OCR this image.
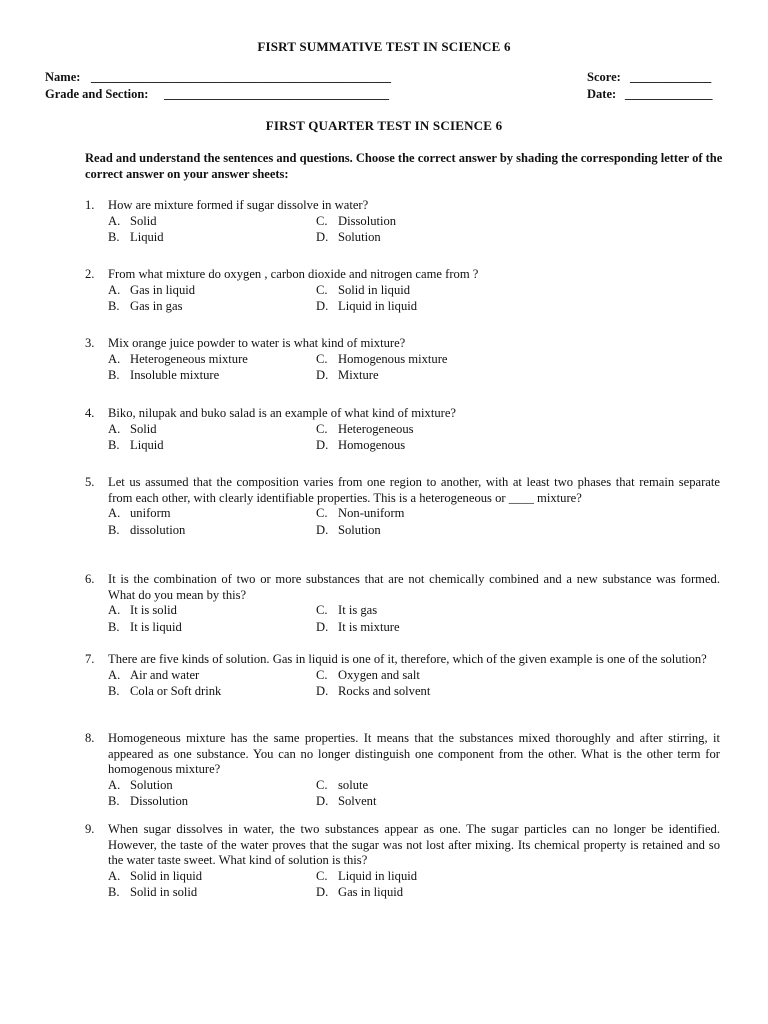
FISRT SUMMATIVE TEST IN SCIENCE 6
Name: ________________________________________________	Score: _____________
Grade and Section: ____________________________________	Date: ______________
FIRST QUARTER TEST IN SCIENCE 6
Read and understand the sentences and questions. Choose the correct answer by shading the corresponding letter of the correct answer on your answer sheets:
1.	How are mixture formed if sugar dissolve in water?
A. Solid	C. Dissolution
B. Liquid	D. Solution
2.	From what mixture do oxygen , carbon dioxide and nitrogen came from ?
A. Gas in liquid	C. Solid in liquid
B. Gas in gas	D. Liquid in liquid
3.	Mix orange juice powder to water is what kind of mixture?
A. Heterogeneous mixture	C. Homogenous mixture
B. Insoluble mixture	D. Mixture
4.	Biko, nilupak and buko salad is an example of what kind of mixture?
A. Solid	C. Heterogeneous
B. Liquid	D. Homogenous
5.	Let us assumed that the composition varies from one region to another, with at least two phases that remain separate from each other, with clearly identifiable properties. This is a heterogeneous or ____ mixture?
A. uniform	C. Non-uniform
B. dissolution	D. Solution
6.	It is the combination of two or more substances that are not chemically combined and a new substance was formed. What do you mean by this?
A. It is solid	C. It is gas
B. It is liquid	D. It is mixture
7.	There are five kinds of solution. Gas in liquid is one of it, therefore, which of the given example is one of the solution?
A. Air and water	C. Oxygen and salt
B. Cola or Soft drink	D. Rocks and solvent
8.	Homogeneous mixture has the same properties. It means that the substances mixed thoroughly and after stirring, it appeared as one substance. You can no longer distinguish one component from the other. What is the other term for homogenous mixture?
A. Solution	C. solute
B. Dissolution	D. Solvent
9.	When sugar dissolves in water, the two substances appear as one. The sugar particles can no longer be identified. However, the taste of the water proves that the sugar was not lost after mixing. Its chemical property is retained and so the water taste sweet. What kind of solution is this?
A. Solid in liquid	C. Liquid in liquid
B. Solid in solid	D. Gas in liquid
